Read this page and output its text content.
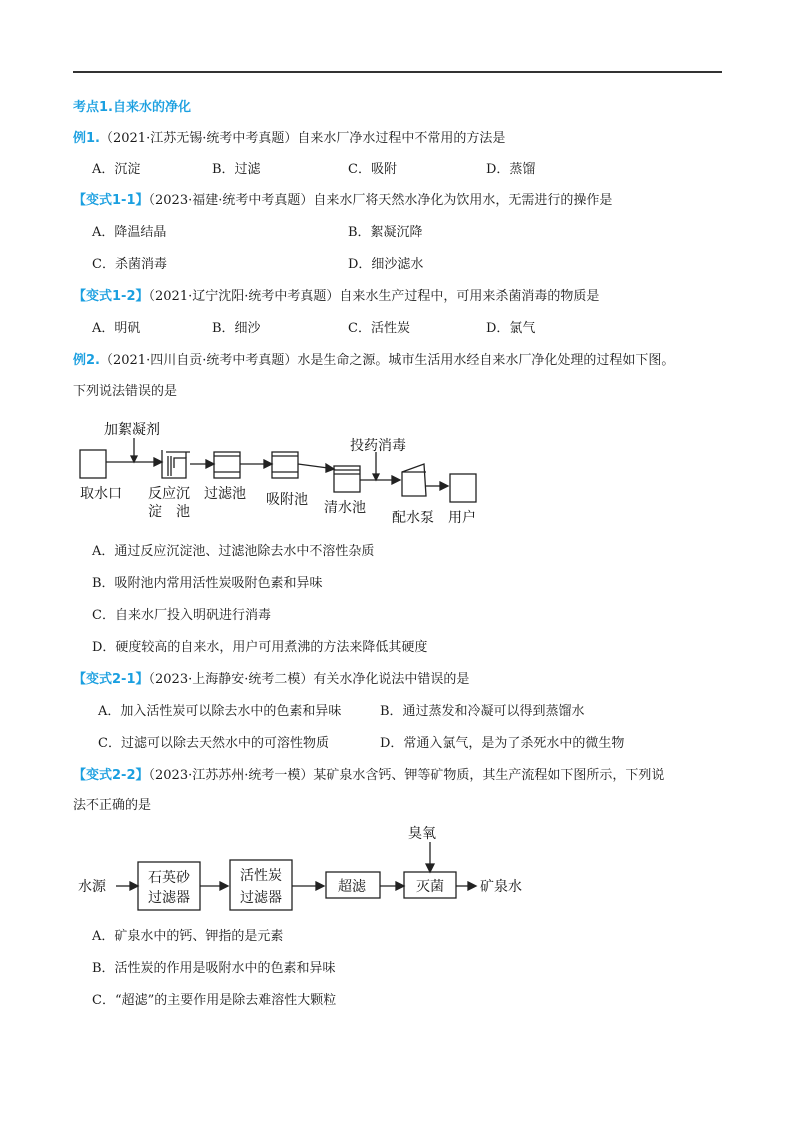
考点1.自来水的净化
例1.（2021·江苏无锡·统考中考真题）自来水厂净水过程中不常用的方法是
A．沉淀	B．过滤	C．吸附	D．蒸馏
【变式1-1】（2023·福建·统考中考真题）自来水厂将天然水净化为饮用水，无需进行的操作是
A．降温结晶	B．絮凝沉降
C．杀菌消毒	D．细沙滤水
【变式1-2】（2021·辽宁沈阳·统考中考真题）自来水生产过程中，可用来杀菌消毒的物质是
A．明矾	B．细沙	C．活性炭	D．氯气
例2.（2021·四川自贡·统考中考真题）水是生命之源。城市生活用水经自来水厂净化处理的过程如下图。
下列说法错误的是
加絮凝剂
投药消毒
取水口 反应沉
淀　池
过滤池 吸附池 清水池
配水泵 用户
A．通过反应沉淀池、过滤池除去水中不溶性杂质
B．吸附池内常用活性炭吸附色素和异味
C．自来水厂投入明矾进行消毒
D．硬度较高的自来水，用户可用煮沸的方法来降低其硬度
【变式2-1】（2023·上海静安·统考二模）有关水净化说法中错误的是
A．加入活性炭可以除去水中的色素和异味	B．通过蒸发和冷凝可以得到蒸馏水
C．过滤可以除去天然水中的可溶性物质	D．常通入氯气，是为了杀死水中的微生物
【变式2-2】（2023·江苏苏州·统考一模）某矿泉水含钙、钾等矿物质，其生产流程如下图所示，下列说
法不正确的是
水源
石英砂
过滤器
活性炭
过滤器
超滤
臭氧
灭菌	矿泉水
A．矿泉水中的钙、钾指的是元素
B．活性炭的作用是吸附水中的色素和异味
C．“超滤”的主要作用是除去难溶性大颗粒
